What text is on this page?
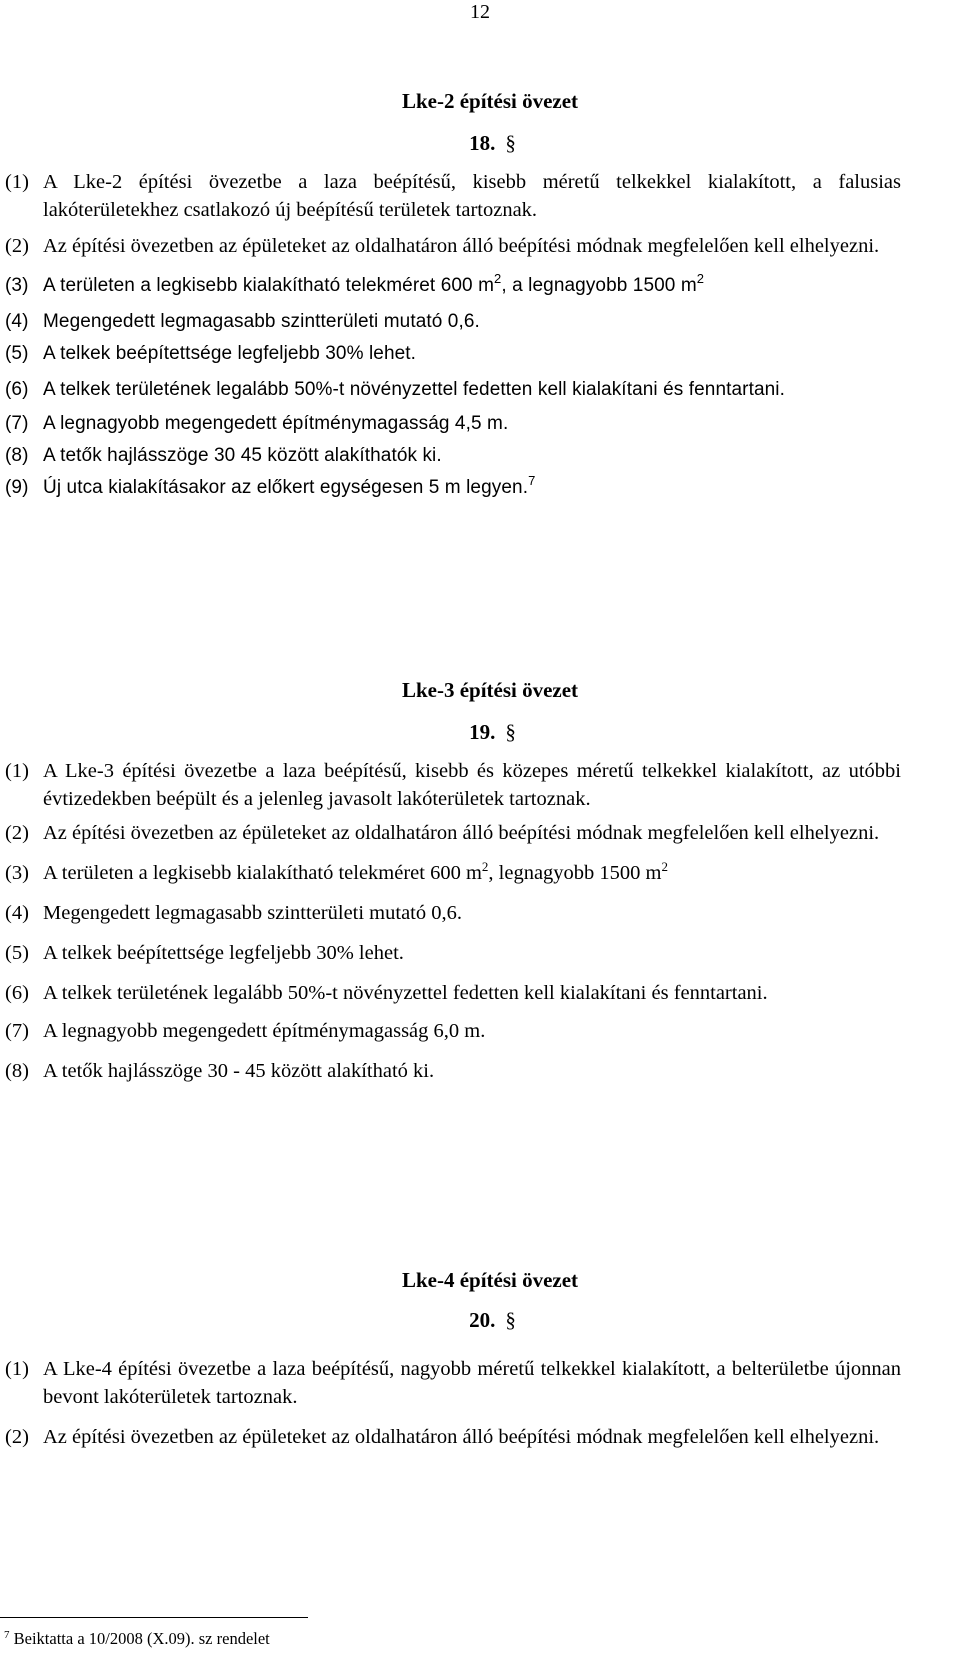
12
Lke-2 építési övezet
18. §
(1) A Lke-2 építési övezetbe a laza beépítésű, kisebb méretű telkekkel kialakított, a falusias lakóterületekhez csatlakozó új beépítésű területek tartoznak.
(2) Az építési övezetben az épületeket az oldalhatáron álló beépítési módnak megfelelően kell elhelyezni.
(3) A területen a legkisebb kialakítható telekméret 600 $m^2$, a legnagyobb 1500 $m^2$
(4) Megengedett legmagasabb szintterületi mutató 0,6.
(5) A telkek beépítettsége legfeljebb 30% lehet.
(6) A telkek területének legalább 50%-t növényzettel fedetten kell kialakítani és fenntartani.
(7) A legnagyobb megengedett építménymagasság 4,5 m.
(8) A tetők hajlásszöge 30 45 között alakíthatók ki.
(9) Új utca kialakításakor az előkert egységesen 5 m legyen.$^7$
Lke-3 építési övezet
19. §
(1) A Lke-3 építési övezetbe a laza beépítésű, kisebb és közepes méretű telkekkel kialakított, az utóbbi évtizedekben beépült és a jelenleg javasolt lakóterületek tartoznak.
(2) Az építési övezetben az épületeket az oldalhatáron álló beépítési módnak megfelelően kell elhelyezni.
(3) A területen a legkisebb kialakítható telekméret 600 $m^2$, legnagyobb 1500 $m^2$
(4) Megengedett legmagasabb szintterületi mutató 0,6.
(5) A telkek beépítettsége legfeljebb 30% lehet.
(6) A telkek területének legalább 50%-t növényzettel fedetten kell kialakítani és fenntartani.
(7) A legnagyobb megengedett építménymagasság 6,0 m.
(8) A tetők hajlásszöge 30 - 45 között alakítható ki.
Lke-4 építési övezet
20. §
(1) A Lke-4 építési övezetbe a laza beépítésű, nagyobb méretű telkekkel kialakított, a belterületbe újonnan bevont lakóterületek tartoznak.
(2) Az építési övezetben az épületeket az oldalhatáron álló beépítési módnak megfelelően kell elhelyezni.
$^7$ Beiktatta a 10/2008 (X.09). sz rendelet
